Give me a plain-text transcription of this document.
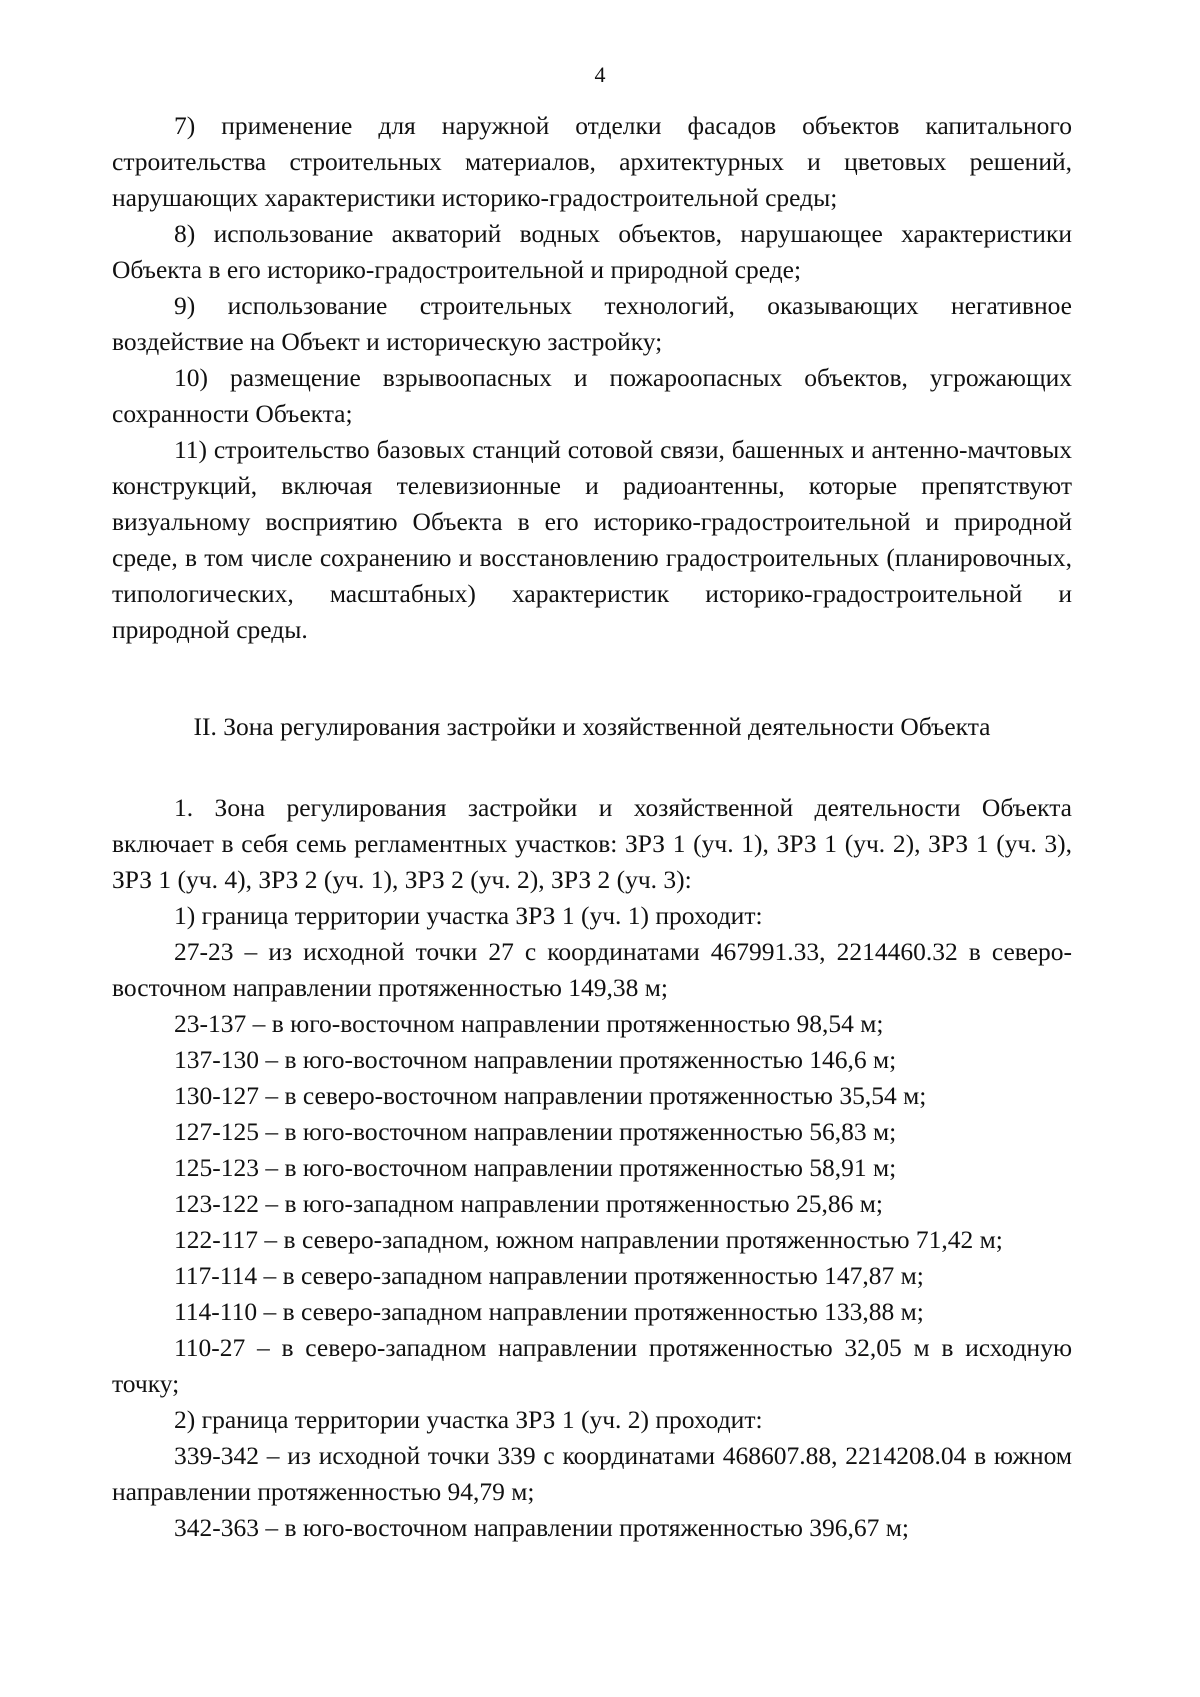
4

7) применение для наружной отделки фасадов объектов капитального строительства строительных материалов, архитектурных и цветовых решений, нарушающих характеристики историко-градостроительной среды;

8) использование акваторий водных объектов, нарушающее характеристики Объекта в его историко-градостроительной и природной среде;

9) использование строительных технологий, оказывающих негативное воздействие на Объект и историческую застройку;

10) размещение взрывоопасных и пожароопасных объектов, угрожающих сохранности Объекта;

11) строительство базовых станций сотовой связи, башенных и антенно-мачтовых конструкций, включая телевизионные и радиоантенны, которые препятствуют визуальному восприятию Объекта в его историко-градостроительной и природной среде, в том числе сохранению и восстановлению градостроительных (планировочных, типологических, масштабных) характеристик историко-градостроительной и природной среды.

II. Зона регулирования застройки и хозяйственной деятельности Объекта

1. Зона регулирования застройки и хозяйственной деятельности Объекта включает в себя семь регламентных участков: ЗРЗ 1 (уч. 1), ЗРЗ 1 (уч. 2), ЗРЗ 1 (уч. 3), ЗРЗ 1 (уч. 4), ЗРЗ 2 (уч. 1), ЗРЗ 2 (уч. 2), ЗРЗ 2 (уч. 3):

1) граница территории участка ЗРЗ 1 (уч. 1) проходит:

27-23 – из исходной точки 27 с координатами 467991.33, 2214460.32 в северо-восточном направлении протяженностью 149,38 м;

23-137 – в юго-восточном направлении протяженностью 98,54 м;

137-130 – в юго-восточном направлении протяженностью 146,6 м;

130-127 – в северо-восточном направлении протяженностью 35,54 м;

127-125 – в юго-восточном направлении протяженностью 56,83 м;

125-123 – в юго-восточном направлении протяженностью 58,91 м;

123-122 – в юго-западном направлении протяженностью 25,86 м;

122-117 – в северо-западном, южном направлении протяженностью 71,42 м;

117-114 – в северо-западном направлении протяженностью 147,87 м;

114-110 – в северо-западном направлении протяженностью 133,88 м;

110-27 – в северо-западном направлении протяженностью 32,05 м в исходную точку;

2) граница территории участка ЗРЗ 1 (уч. 2) проходит:

339-342 – из исходной точки 339 с координатами 468607.88, 2214208.04 в южном направлении протяженностью 94,79 м;

342-363 – в юго-восточном направлении протяженностью 396,67 м;
